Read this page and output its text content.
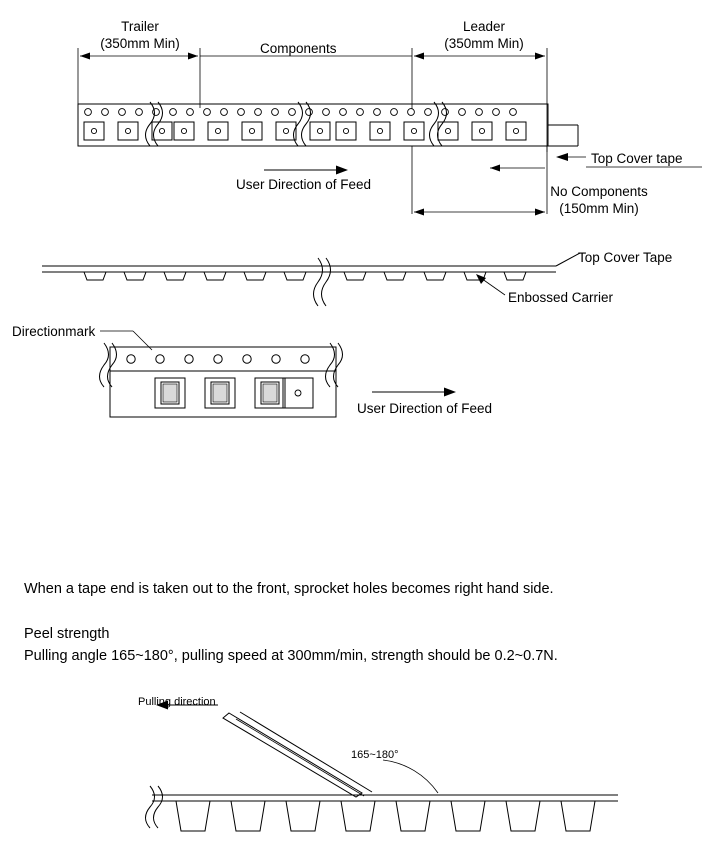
Trailer
(350mm Min)	Components
Leader
(350mm Min)
User Direction of Feed
Top Cover tape
No Components
(150mm Min)
Top Cover Tape
Enbossed Carrier
Directionmark
User Direction of Feed
When a tape end is taken out to the front, sprocket holes becomes right hand side.
Peel strength
Pulling angle 165~180°, pulling speed at 300mm/min, strength should be 0.2~0.7N.
Pulling direction
165~180°
